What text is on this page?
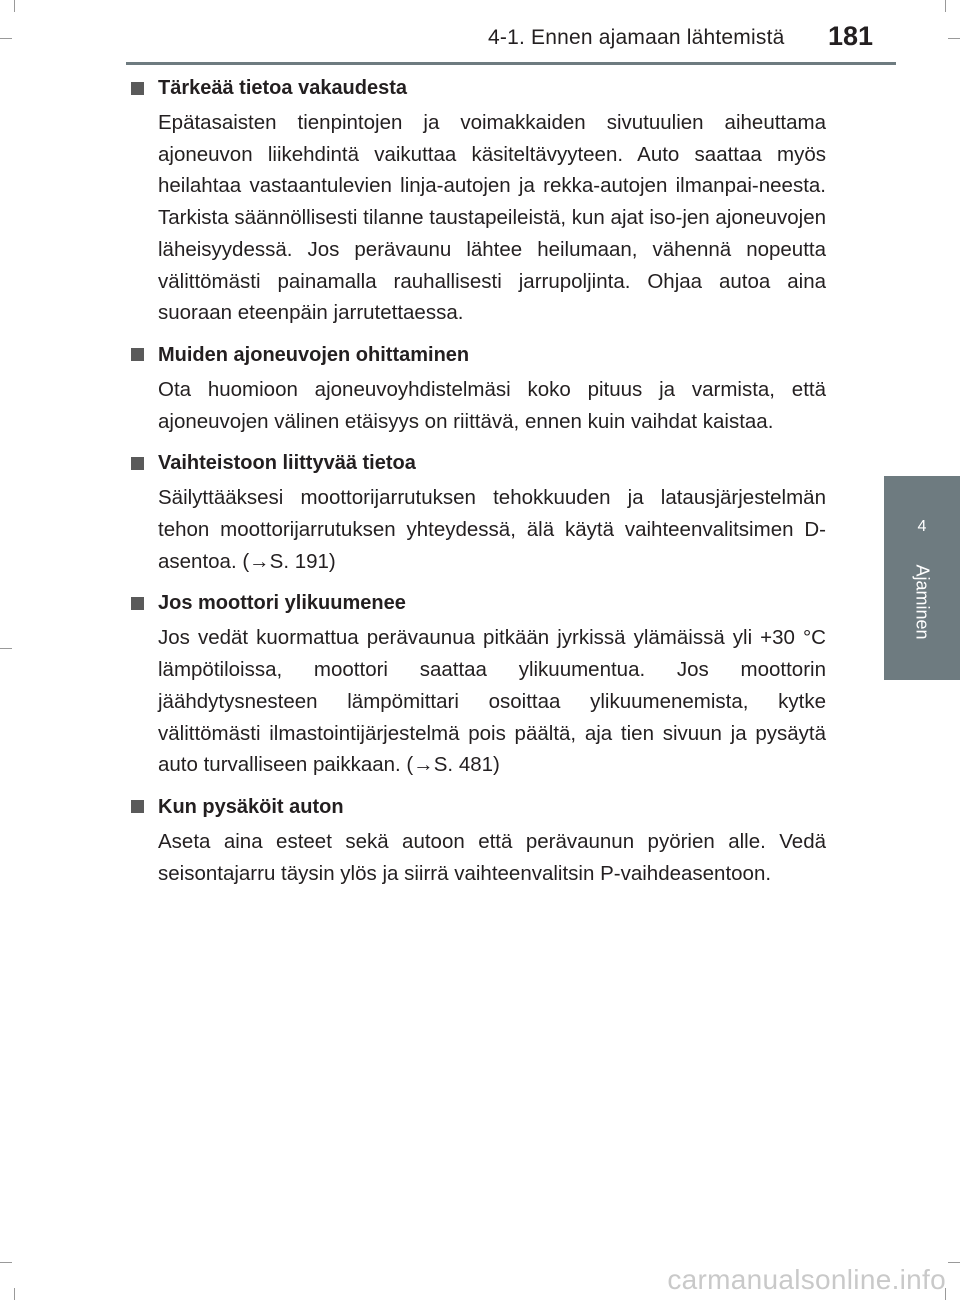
4-1. Ennen ajamaan lähtemistä 181
4
Ajaminen
Tärkeää tietoa vakaudesta
Epätasaisten tienpintojen ja voimakkaiden sivutuulien aiheuttama ajoneuvon liikehdintä vaikuttaa käsiteltävyyteen. Auto saattaa myös heilahtaa vastaantulevien linja-autojen ja rekka-autojen ilmanpai-neesta. Tarkista säännöllisesti tilanne taustapeileistä, kun ajat iso-jen ajoneuvojen läheisyydessä. Jos perävaunu lähtee heilumaan, vähennä nopeutta välittömästi painamalla rauhallisesti jarrupoljinta. Ohjaa autoa aina suoraan eteenpäin jarrutettaessa.
Muiden ajoneuvojen ohittaminen
Ota huomioon ajoneuvoyhdistelmäsi koko pituus ja varmista, että ajoneuvojen välinen etäisyys on riittävä, ennen kuin vaihdat kaistaa.
Vaihteistoon liittyvää tietoa
Säilyttääksesi moottorijarrutuksen tehokkuuden ja latausjärjestelmän tehon moottorijarrutuksen yhteydessä, älä käytä vaihteenvalitsimen D-asentoa. (→S. 191)
Jos moottori ylikuumenee
Jos vedät kuormattua perävaunua pitkään jyrkissä ylämäissä yli +30 °C lämpötiloissa, moottori saattaa ylikuumentua. Jos moottorin jäähdytysnesteen lämpömittari osoittaa ylikuumenemista, kytke välittömästi ilmastointijärjestelmä pois päältä, aja tien sivuun ja pysäytä auto turvalliseen paikkaan. (→S. 481)
Kun pysäköit auton
Aseta aina esteet sekä autoon että perävaunun pyörien alle. Vedä seisontajarru täysin ylös ja siirrä vaihteenvalitsin P-vaihdeasentoon.
carmanualsonline.info
